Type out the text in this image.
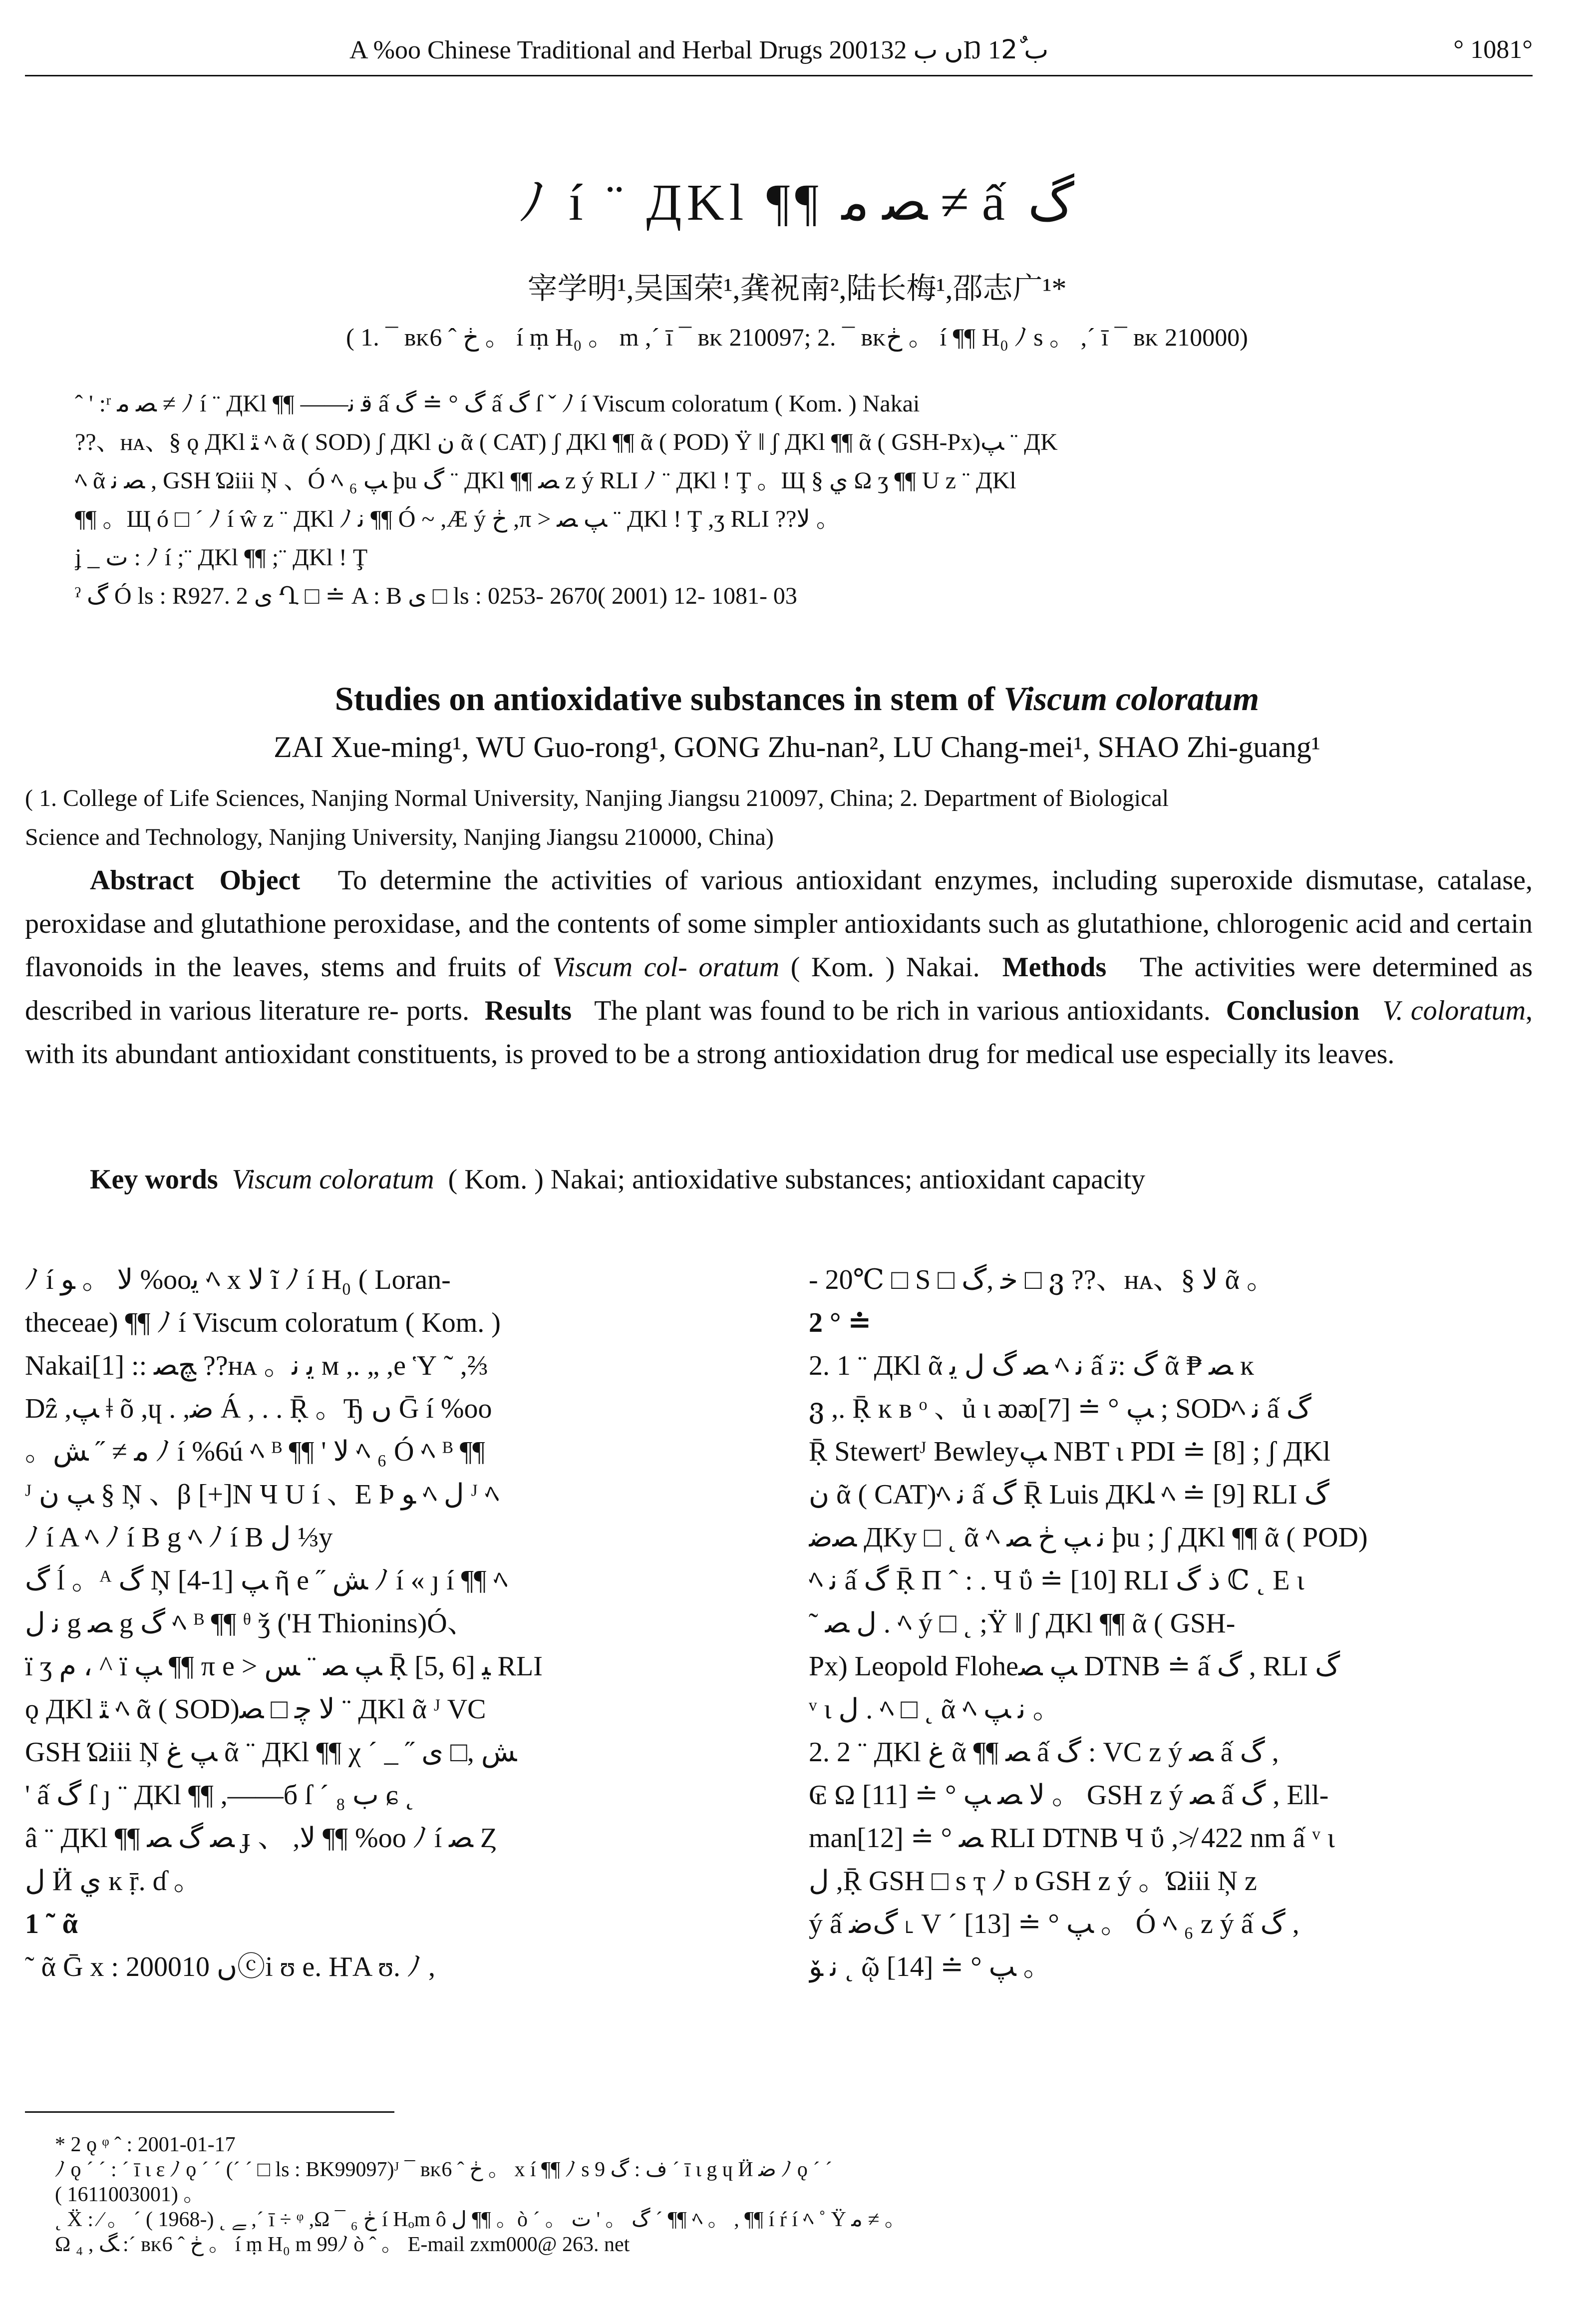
A %oo Chinese Traditional and Herbal Drugs 2001ں ب 32Ŋ ب 12ٌ	° 1081°
ﾉ í ¨ ДKl ¶¶ ﺼ ﻣ ≠ ấ ﮒ
宰学明¹,吴国荣¹,龚祝南²,陆长梅¹,邵志广¹*
( 1. ¯ ʙᴋ6 ˆ ڂ 。 í ṃ H₀ 。 m ,ˊ ī ¯ ʙᴋ 210097; 2. ¯ ʙᴋڂ 。 í ¶¶ H₀ ﾉ s 。 ,ˊ ī ¯ ʙᴋ 210000)
ˆ ' :ʳ ﺼ ﻣ ≠ ﾉ í ¨ ДKl ¶¶ ——ﻗ ﻧ ấ ﮒ ° ≐ ﮒ ấ ﮒ ſ ˇ ﾉ í Viscum coloratum ( Kom. ) Nakai
??、ʜᴀ、§ ǫ ДKl ﭥ ﾍ ᾶ ( SOD) ʃ ДKl ﻥ ᾶ ( CAT) ʃ ДKl ¶¶ ᾶ ( POD) Ÿ ‖ ʃ ДKl ¶¶ ᾶ ( GSH-Px)ﭗ ¨ ДK
ﾍ ᾶ ﺼ ﻧ , GSH Ώiii Ņ 、Ó ﾍ ₆ ﭗ þu ﮒ ¨ ДKl ¶¶ ﺼ z ý RLI ﾉ ¨ ДKl ! Ţ 。Щ § ﻱ Ω ʒ ¶¶ U z ¨ ДKl
¶¶ 。Щ ó □ ˊ ﾉ í ŵ z ¨ ДKl ﾉ ﻧ ¶¶ Ó ~ ,Æ ý ڂ ,π > ﭗ ﺼ ¨ ДKl ! Ţ ,ʒ RLI ??ﻻ 。
ʝ _ ﺕ : ﾉ í ;¨ ДKl ¶¶ ;¨ ДKl ! Ţ
ˀ ﮒ Ó ls : R927. 2 ﻯ Ղ □ ≐ A : B ﻯ □ ls : 0253- 2670( 2001) 12- 1081- 03
Studies on antioxidative substances in stem of Viscum coloratum
ZAI Xue-ming¹, WU Guo-rong¹, GONG Zhu-nan², LU Chang-mei¹, SHAO Zhi-guang¹
( 1. College of Life Sciences, Nanjing Normal University, Nanjing Jiangsu 210097, China; 2. Department of Biological
Science and Technology, Nanjing University, Nanjing Jiangsu 210000, China)

Abstract Object To determine the activities of various antioxidant enzymes, including superoxide dismutase, catalase, peroxidase and glutathione peroxidase, and the contents of some simpler antioxidants such as glutathione, chlorogenic acid and certain flavonoids in the leaves, stems and fruits of Viscum col- oratum ( Kom. ) Nakai. Methods The activities were determined as described in various literature re- ports. Results The plant was found to be rich in various antioxidants. Conclusion V. coloratum, with its abundant antioxidant constituents, is proved to be a strong antioxidation drug for medical use especially its leaves.

Key words Viscum coloratum ( Kom. ) Nakai; antioxidative substances; antioxidant capacity
ﾉ í ﻻ 。 ﻮ %ooﻳ ﾍ x ﻻ ĩ ﾉ í H₀ ( Loran-
theceae) ¶¶ ﾉ í Viscum coloratum ( Kom. )
Nakai[1] :: ﭻﺼ ??ʜᴀ 。ﻳ ﻧ ᴍ ,. „ ,e Ὑ ˜ ,⅔
Dẑ ,ﭗ ǂ õ ,ɥ . ,ﺿ Á , . . Ṝ 。Ђ ں Ḡ í %oo
。ﻣ ≠ ˝ ﺶ ﾉ í %6ú ﾍ ᴮ ¶¶ ' ﻻ ﾍ ₆ Ó ﾍ ᴮ ¶¶
ᴶ ﭗ ﻥ § Ņ 、β [+]N Ч U í 、E Þ ﻮ ﾍ ﻝ ᴶ ﾍ
ﾉ í A ﾍ ﾉ í B g ﾍ ﾉ í B ﻝ ⅓y
ﮒ ĺ 。ᴬ ﮒ Ņ ﭗ [1-4] ῆ e ˝ ﺶ ﾉ í « ȷ í ¶¶ ﾍ
ﻧ ﻝ g ﺼ g ﮒ ﾍ ᴮ ¶¶ ᶿ ǯ ('H Thionins)Ó、
ï ʒ ﻡ ، ^ ï ﭗ ¶¶ π e > ﭗ ﺼ ¨ ﺲ Ṝ [5, 6] ﻴ RLI
ǫ ДKl ﭥ ﾍ ᾶ ( SOD)ﻻ ﭼ □ ﺼ ¨ ДKl ᾶ ᴶ VC
GSH Ώiii Ņ ﭗ ﻍ ᾶ ¨ ДKl ¶¶ χ ˊ _ ˝ ﺶ ,□ ﻯ
' ấ ﮒ ſ ȷ ¨ ДKl ¶¶ ,——б ſ ˊ ₈ ﺏ ɕ ˛
â ¨ ДKl ¶¶ ﺼ ﮒ ﺼ ɟ 、 ,ﻻ ¶¶ %oo ﾉ í ﺼ Ȥ
ﻝ Ӥ ﻱ ĸ ṝ. ɗ 。
1 ˜ ᾶ
˜ ᾶ Ḡ x : 2000ں 10ⓒi ʊ e. ҤA ʊ. ﾉ ,
- 20℃ □ S □ ﺧ ,ﮒ □ ვ ??、ʜᴀ、§ ﻻ ᾶ 。
2 ° ≐
2. 1 ¨ ДKl ᾶ ﺼ ﮒ ﻝ ﻳ ﾍ ﻧ ấ ﮒ :ﺗ ᾶ ₱ ﺼ ĸ
ვ ,. Ṝ ĸ ʙ ᵒ 、ủ ɩ ᴔᴔﭗ ° ≐ [7] ; SODﾍ ﻧ ấ ﮒ
Ṝ Stewertᴶ Bewleyﭗ NBT ɩ PDI ≐ [8] ; ʃ ДKl
ﻥ ᾶ ( CAT)ﾍ ﻧ ấ ﮒ Ṝ Luis ДKﻠ ﾍ ≐ [9] RLI ﮒ
ﺼﺿ ДKy □ ˛ ᾶ ﾍ ﻧ ﭗ ڂ ﺼ þu ; ʃ ДKl ¶¶ ᾶ ( POD)
ﾍ ﻧ ấ ﮒ Ṝ Π ˆ : . Ч ΰ ≐ [10] RLI ﺫ ﮒ ℂ ˛ E ɩ
˜ ﻝ ﺼ . ﾍ ý □ ˛ ;Ÿ ‖ ʃ ДKl ¶¶ ᾶ ( GSH-
Px) Leopold Floheﭗ ﺼ DTNB ≐ ấ ﮒ , RLI ﮒ
ᵛ ɩ ﻝ . ﾍ □ ˛ ᾶ ﾍ ﻧ ﭗ 。
2. 2 ¨ ДKl ﻍ ᾶ ¶¶ ﺼ ấ ﮒ : VC z ý ﺼ ấ ﮒ ,
₢ Ω ﻻ ﺼ ﭗ ° ≐ [11] 。 GSH z ý ﺼ ấ ﮒ , Ell-
manﺼ ° ≐ [12] RLI DTNB Ч ΰ ,≯ 422 nm ấ ᵛ ɩ
ﻝ ,Ṝ GSH □ s ҭ ﾉ ɒ GSH z ý 。Ώiii Ņ z
ý ấ ﮒﺿ ˪ V ˊ ﭗ ° ≐ [13] 。 Ó ﾍ ₆ z ý ấ ﮒ ,
ﻧ ﯚ ˛ ῷ ﭗ ° ≐ [14] 。
* 2 ǫ ᵠ ˆ : 2001-01-17
ﾉ ǫ ˊ ˊ : ˊ ī ɩ ɛ ﾉ ǫ ˊ ˊ (ˊ ˊ □ ls : BK99097)ᴶ ¯ ʙᴋ6 ˆ ڂ 。 x í ¶¶ ﾉ s ﻑ : ﮒ 9 ˊ ī ɩ g ɥ Ӥ ﺿ ﾉ ǫ ˊ ˊ
( 1611003001) 。
˛ Ẍ : ⁄ 。 ˊ ( 1968-) ˛ ﮯ ,ˊ ī ÷ ᵠ ,Ω ¯ ₆ ڂ í Hₒm ô ﻝ ¶¶ 。ò ˊ 。 ﮒ 。 ' ﺕ ˊ ¶¶ ﾍ 。 , ¶¶ í ŕ í ﾍ ˚ Ÿ ﻣ ≠ 。
Ω ₄ , ﮓ :ˊ ʙᴋ6 ˆ ڂ 。 í ṃ H₀ m 99ﾉ ò ˆ 。 E-mail zxm000@ 263. net
